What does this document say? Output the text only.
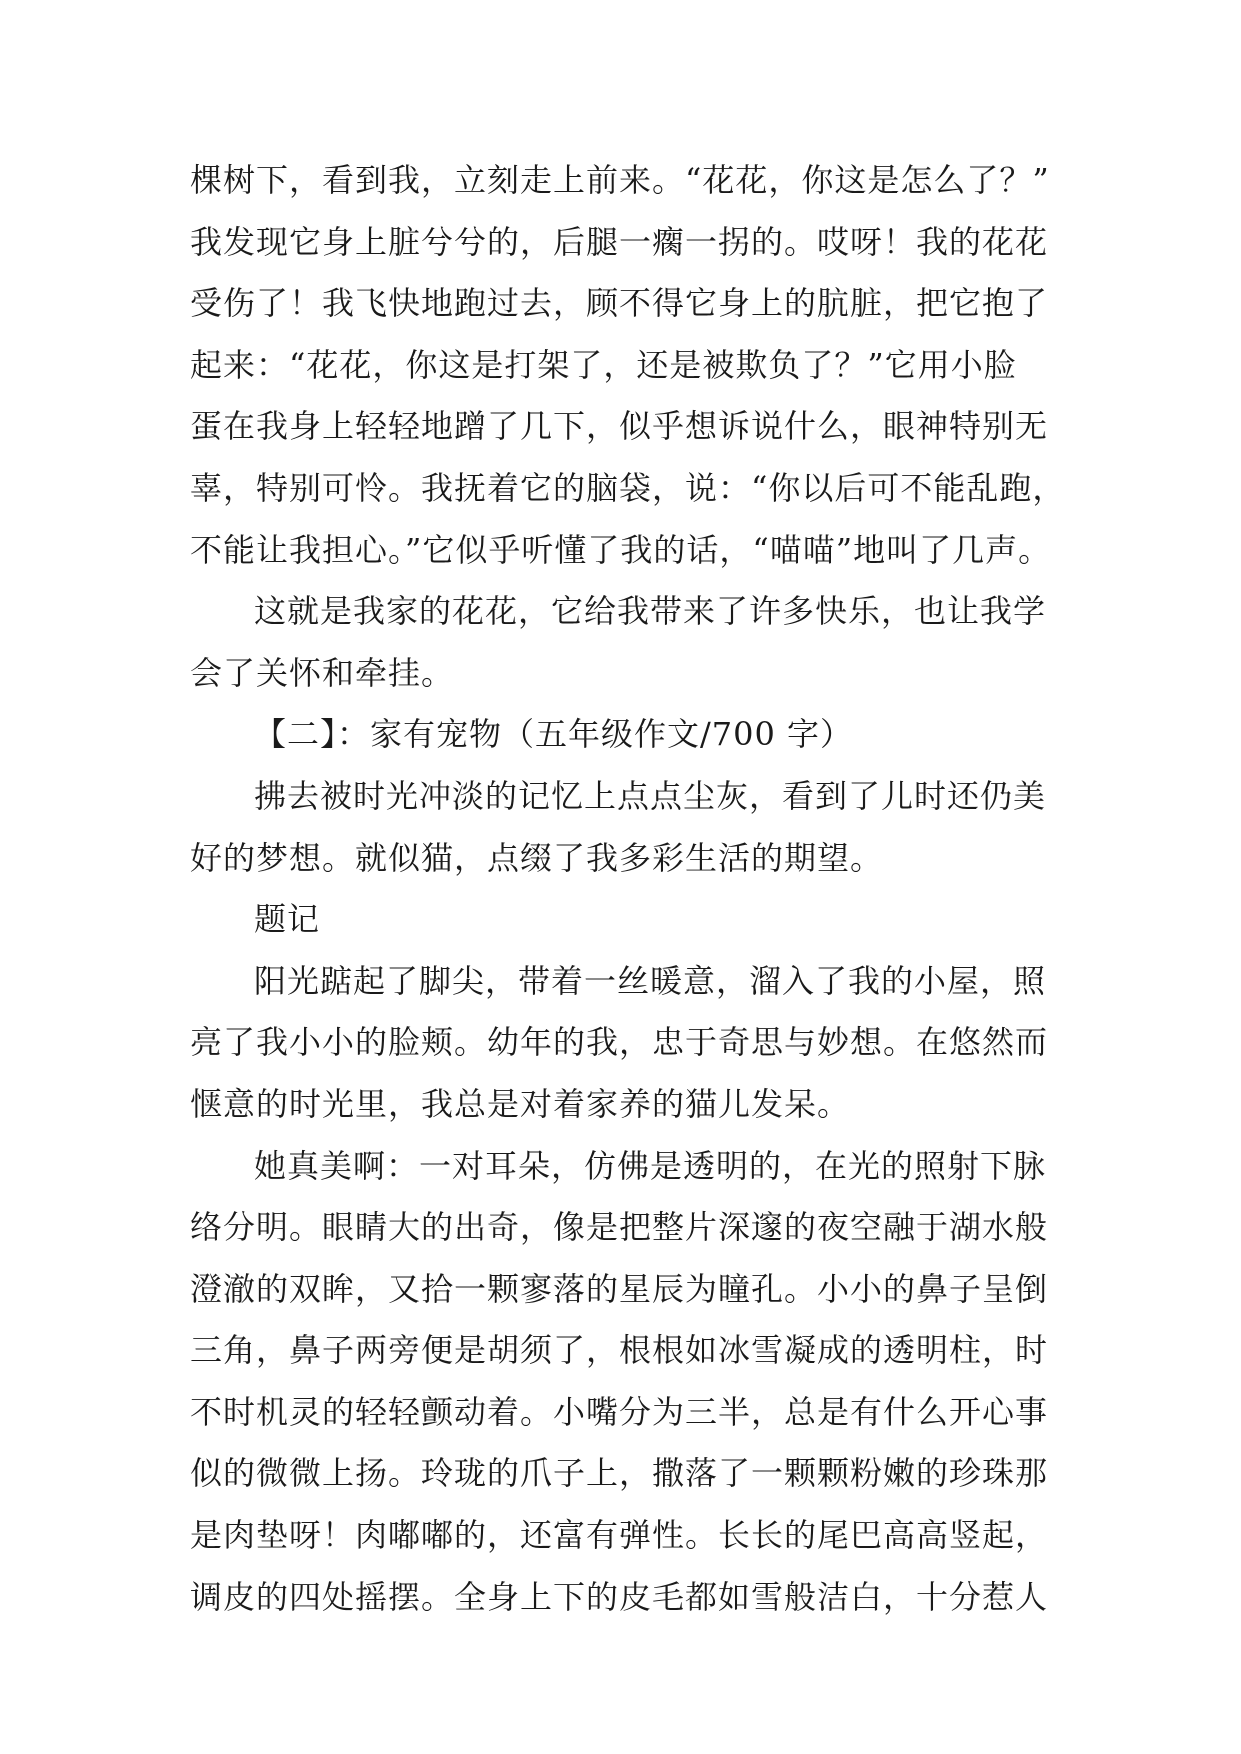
棵树下，看到我，立刻走上前来。“花花，你这是怎么了？”
我发现它身上脏兮兮的，后腿一瘸一拐的。哎呀！我的花花
受伤了！我飞快地跑过去，顾不得它身上的肮脏，把它抱了
起来：“花花，你这是打架了，还是被欺负了？”它用小脸
蛋在我身上轻轻地蹭了几下，似乎想诉说什么，眼神特别无
辜，特别可怜。我抚着它的脑袋，说：“你以后可不能乱跑，
不能让我担心。”它似乎听懂了我的话，“喵喵”地叫了几声。
这就是我家的花花，它给我带来了许多快乐，也让我学
会了关怀和牵挂。
【二】：家有宠物（五年级作文/700 字）
拂去被时光冲淡的记忆上点点尘灰，看到了儿时还仍美
好的梦想。就似猫，点缀了我多彩生活的期望。
题记
阳光踮起了脚尖，带着一丝暖意，溜入了我的小屋，照
亮了我小小的脸颊。幼年的我，忠于奇思与妙想。在悠然而
惬意的时光里，我总是对着家养的猫儿发呆。
她真美啊：一对耳朵，仿佛是透明的，在光的照射下脉
络分明。眼睛大的出奇，像是把整片深邃的夜空融于湖水般
澄澈的双眸，又拾一颗寥落的星辰为瞳孔。小小的鼻子呈倒
三角，鼻子两旁便是胡须了，根根如冰雪凝成的透明柱，时
不时机灵的轻轻颤动着。小嘴分为三半，总是有什么开心事
似的微微上扬。玲珑的爪子上，撒落了一颗颗粉嫩的珍珠那
是肉垫呀！肉嘟嘟的，还富有弹性。长长的尾巴高高竖起，
调皮的四处摇摆。全身上下的皮毛都如雪般洁白，十分惹人
